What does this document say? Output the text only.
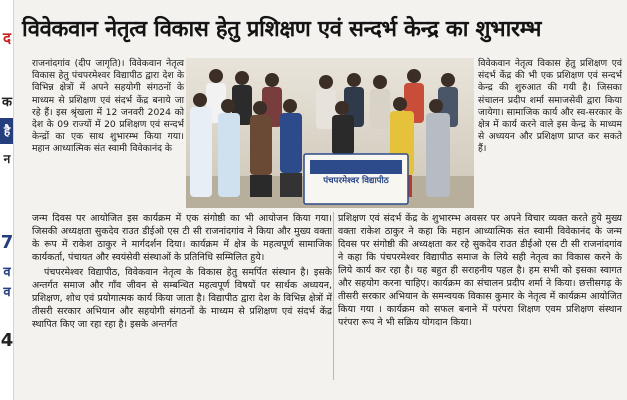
द
क
है
न
7
व
व
4
विवेकवान नेतृत्व विकास हेतु प्रशिक्षण एवं सन्दर्भ केन्द्र का शुभारम्भ

राजनांदगांव (दीप जागृति)। विवेकवान नेतृत्व विकास हेतु पंचपरमेश्वर विद्यापीठ द्वारा देश के विभिन्न क्षेत्रों में अपने सहयोगी संगठनों के माध्यम से प्रशिक्षण एवं संदर्भ केंद्र बनाये जा रहे हैं। इस श्रृंखला में 12 जनवरी 2024 को देश के 09 राज्यों में 20 प्रशिक्षण एवं सन्दर्भ केन्द्रों का एक साथ शुभारम्भ किया गया। महान आध्यात्मिक संत स्वामी विवेकानंद के

पंचपरमेश्वर विद्यापीठ

विवेकवान नेतृत्व विकास हेतु प्रशिक्षण एवं संदर्भ केंद्र की भी एक प्रशिक्षण एवं सन्दर्भ केन्द्र की शुरुआत की गयी है। जिसका संचालन प्रदीप शर्मा समाजसेवी द्वारा किया जायेगा। सामाजिक कार्य और स्व-सरकार के क्षेत्र में कार्य करने वाले इस केन्द्र के माध्यम से अध्ययन और प्रशिक्षण प्राप्त कर सकते हैं।

जन्म दिवस पर आयोजित इस कार्यक्रम में एक संगोष्ठी का भी आयोजन किया गया। जिसकी अध्यक्षता सुकदेव राउत डीईओ एस टी सी राजनांदगांव ने किया और मुख्य वक्ता के रूप में राकेश ठाकुर ने मार्गदर्शन दिया। कार्यक्रम में क्षेत्र के महत्वपूर्ण सामाजिक कार्यकर्ता, पंचायत और स्वयंसेवी संस्थाओं के प्रतिनिधि सम्मिलित हुये।

पंचपरमेश्वर विद्यापीठ, विवेकवान नेतृत्व के विकास हेतु समर्पित संस्थान है। इसके अन्तर्गत समाज और गाँव जीवन से सम्बन्धित महत्वपूर्ण विषयों पर सार्थक अध्ययन, प्रशिक्षण, शोध एवं प्रयोगात्मक कार्य किया जाता है। विद्यापीठ द्वारा देश के विभिन्न क्षेत्रों में तीसरी सरकार अभियान और सहयोगी संगठनों के माध्यम से प्रशिक्षण एवं संदर्भ केंद्र स्थापित किए जा रहा रहा है। इसके अन्तर्गत

प्रशिक्षण एवं संदर्भ केंद्र के शुभारम्भ अवसर पर अपने विचार व्यक्त करते हुये मुख्य वक्ता राकेश ठाकुर ने कहा कि महान आध्यात्मिक संत स्वामी विवेकानंद के जन्म दिवस पर संगोष्ठी की अध्यक्षता कर रहे सुकदेव राउत डीईओ एस टी सी राजनांदगांव ने कहा कि पंचपरमेश्वर विद्यापीठ समाज के लिये सही नेतृत्व का विकास करने के लिये कार्य कर रहा है। यह बहुत ही सराहनीय पहल है। हम सभी को इसका स्वागत और सहयोग करना चाहिए। कार्यक्रम का संचालन प्रदीप शर्मा ने किया। छत्तीसगढ़ के तीसरी सरकार अभियान के समन्वयक विकास कुमार के नेतृत्व में कार्यक्रम आयोजित किया गया । कार्यक्रम को सफल बनाने में परंपरा शिक्षण एवम प्रशिक्षण संस्थान परंपरा रूप ने भी सक्रिय योगदान किया।
